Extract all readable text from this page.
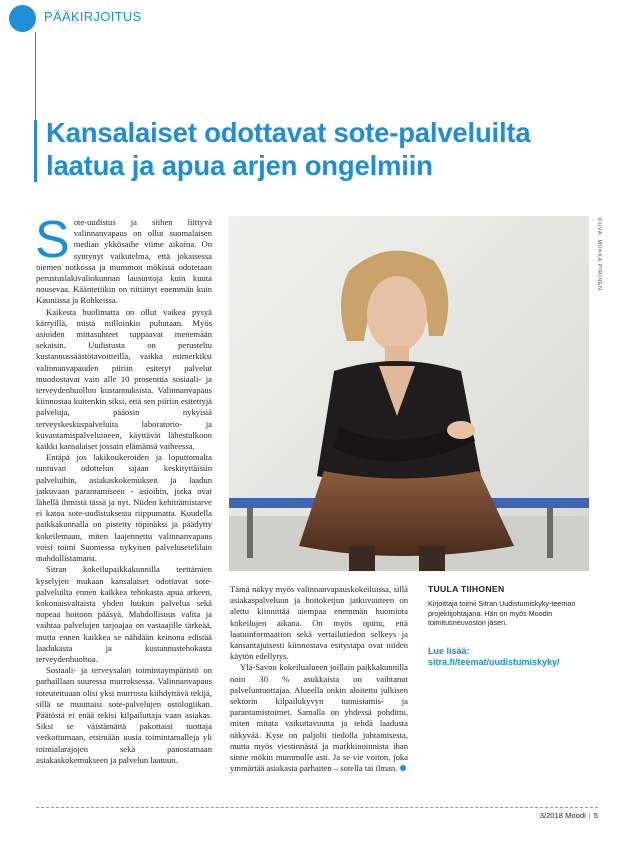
PÄÄKIRJOITUS
Kansalaiset odottavat sote-palveluilta
laatua ja apua arjen ongelmiin

Sote-uudistus ja siihen liittyvä valinnanvapaus on ollut suomalaisen median ykkösaihe viime aikoina. On syntynyt vaikutelma, että jokaisessa niemen notkossa ja mummon mökissä odotetaan perustuslakivaliokunnan lausuntoja kuin kuuta nousevaa. Kääntetiikin on riittänyt enemmän kuin Kauniissa ja Rohkeissa.

Kaikesta huolimatta on ollut vaikea pysyä kärryillä, mistä milloinkin puhutaan. Myös asioiden mittasuhteet tuppaavat menemään sekaisin. Uudistusta on perusteltu kustannussäästötavoitteilla, vaikka esimerkiksi valinnanvapauden piiriin esitetyt palvelut muodostavat vain alle 10 prosenttia sosiaali- ja terveydenhuollon kustannuksista. Valinnanvapaus kiinnostaa kuitenkin siksi, että sen piiriin esitettyjä palveluja, pääosin nykyisiä terveyskeskuspalveluita laboratorio- ja kuvantamispalveluineen, käyttävät lähestulkoon kaikki kansalaiset jossain elämänsä vaiheessa.

Entäpä jos lakikoukeroiden ja loputtomalta tuntuvan odottelun sijaan keskityttäisiin palveluihin, asiakaskokemuksen ja laadun jatkuvaan parantamiseen - asioihin, jotka ovat lähellä ihmistä tässä ja nyt. Niiden kehittämistarve ei katoa sote-uudistuksesta riippumatta. Kuudella paikkakunnalla on pistetty töpinäksi ja päädytty kokeilemaan, miten laajennettu valinnanvapaus voisi toimi Suomessa nykyisen palvelusetelilain mahdollistamana.

Sitran kokeilupaikkakunnilla teettämien kyselyjen mukaan kansalaiset odottavat sote-palveluilta ennen kaikkea tehokasta apua arkeen, kokonaisvaltaista yhden luukun palvelua sekä nopeaa hoitoon pääsyä. Mahdollisuus valita ja vaihtaa palvelujen tarjoajaa on vastaajille tärkeää, mutta ennen kaikkea se nähdään keinona edistää laadukasta ja kustannustehokasta terveydenhuoltoa.

Sosiaali- ja terveysalan toimintaympäristö on parhaillaan suuressa murroksessa. Valinnanvapaus toteutettuaan olisi yksi murrosta kiihdyttävä tekijä, sillä se muuttaisi sote-palvelujen ostologiikan. Päätöstä ei enää tekisi kilpailuttaja vaan asiakas. Siksi se väistämättä pakottaisi tuottaja verkottumaan, etsimään uusia toimintamalleja yli toimialarajojen sekä panostamaan asiakaskokemukseen ja palvelun laatuun.

KUVA: MIIKKA PIRINEN

Tämä näkyy myös valinnanvapauskokeiluissa, sillä asiakaspalveluun ja hoitoketjun jatkuvuuteen on alettu kiinnittää aiempaa enemmän huomiota kokeilujen aikana. On myös opittu, että laatuinformaation sekä vertailutiedon selkeys ja kansantajuisesti kiinnostava esitystapa ovat niiden käytön edellytys.

Ylä-Savon kokeilualueen joillain paikkakunnilla noin 30 % asukkaista on vaihtanut palveluntuottajaa. Alueella onkin aloitettu julkisen sektorin kilpailukyvyn tunnistamis- ja parantamistoimet. Samalla on yhdessä pohdittu, miten mitata vaikuttavuutta ja tehdä laadusta näkyvää. Kyse on paljolti tiedolla johtamisesta, mutta myös viestinnästä ja markkinoinnista ihan sinne mökin mummolle asti. Ja se vie voiton, joka ymmärtää asiakasta parhaiten – sotella tai ilman.

TUULA TIIHONEN

Kirjoittaja toimii Sitran Uudistumiskyky-teeman projektijohtajana. Hän on myös Moodin toimitusneuvoston jäsen.

Lue lisää:

sitra.fi/teemat/uudistumiskyky/

3/2018 Moodi | 5
